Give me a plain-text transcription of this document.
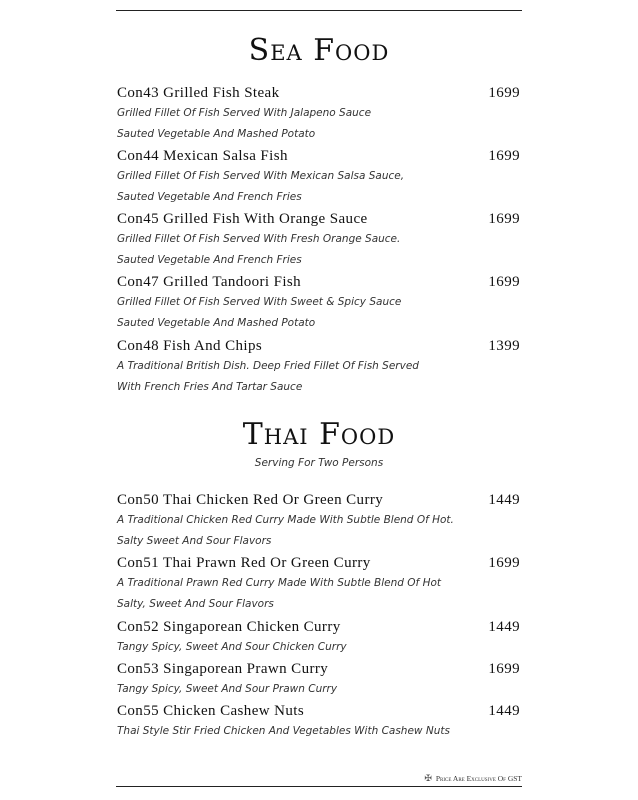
Sea Food
Con43 Grilled Fish Steak	1699
Grilled Fillet Of Fish Served With Jalapeno Sauce
Sauted Vegetable And Mashed Potato
Con44 Mexican Salsa Fish	1699
Grilled Fillet Of Fish Served With Mexican Salsa Sauce,
Sauted Vegetable And French Fries
Con45 Grilled Fish With Orange Sauce	1699
Grilled Fillet Of Fish Served With Fresh Orange Sauce.
Sauted Vegetable And French Fries
Con47 Grilled Tandoori Fish	1699
Grilled Fillet Of Fish Served With Sweet & Spicy Sauce
Sauted Vegetable And Mashed Potato
Con48 Fish And Chips	1399
A Traditional British Dish. Deep Fried Fillet Of Fish Served
With French Fries And Tartar Sauce
Thai Food
Serving For Two Persons
Con50 Thai Chicken Red Or Green Curry	1449
A Traditional Chicken Red Curry Made With Subtle Blend Of Hot.
Salty Sweet And Sour Flavors
Con51 Thai Prawn Red Or Green Curry	1699
A Traditional Prawn Red Curry Made With Subtle Blend Of Hot
Salty, Sweet And Sour Flavors
Con52 Singaporean Chicken Curry	1449
Tangy Spicy, Sweet And Sour Chicken Curry
Con53 Singaporean Prawn Curry	1699
Tangy Spicy, Sweet And Sour Prawn Curry
Con55 Chicken Cashew Nuts	1449
Thai Style Stir Fried Chicken And Vegetables With Cashew Nuts
✠ Price Are Exclusive Of GST
